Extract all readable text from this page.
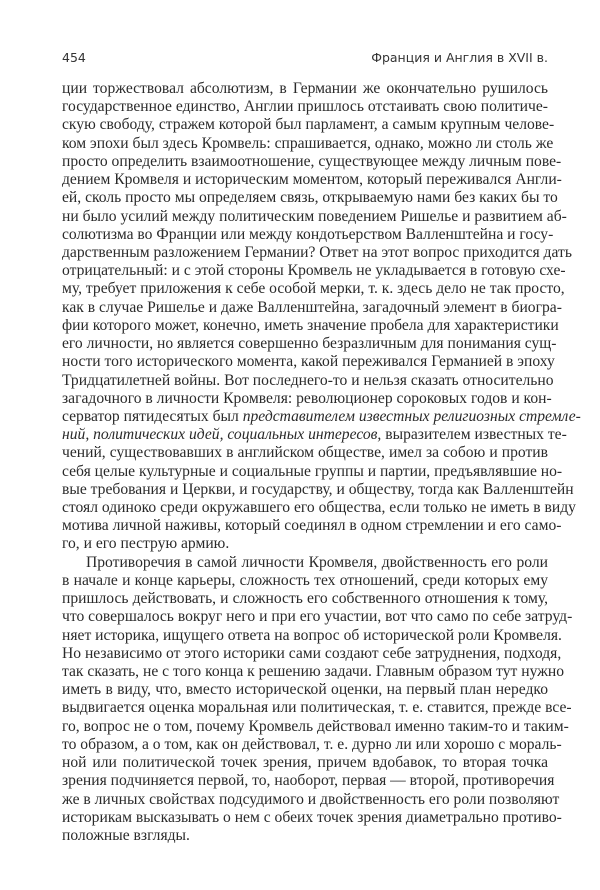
454	Франция и Англия в XVII в.
ции торжествовал абсолютизм, в Германии же окончательно рушилось
государственное единство, Англии пришлось отстаивать свою политиче-
скую свободу, стражем которой был парламент, а самым крупным челове-
ком эпохи был здесь Кромвель: спрашивается, однако, можно ли столь же
просто определить взаимоотношение, существующее между личным пове-
дением Кромвеля и историческим моментом, который переживался Англи-
ей, сколь просто мы определяем связь, открываемую нами без каких бы то
ни было усилий между политическим поведением Ришелье и развитием аб-
солютизма во Франции или между кондотьерством Валленштейна и госу-
дарственным разложением Германии? Ответ на этот вопрос приходится дать
отрицательный: и с этой стороны Кромвель не укладывается в готовую схе-
му, требует приложения к себе особой мерки, т. к. здесь дело не так просто,
как в случае Ришелье и даже Валленштейна, загадочный элемент в биогра-
фии которого может, конечно, иметь значение пробела для характеристики
его личности, но является совершенно безразличным для понимания сущ-
ности того исторического момента, какой переживался Германией в эпоху
Тридцатилетней войны. Вот последнего-то и нельзя сказать относительно
загадочного в личности Кромвеля: революционер сороковых годов и кон-
серватор пятидесятых был представителем известных религиозных стремле-
ний, политических идей, социальных интересов, выразителем известных те-
чений, существовавших в английском обществе, имел за собою и против
себя целые культурные и социальные группы и партии, предъявлявшие но-
вые требования и Церкви, и государству, и обществу, тогда как Валленштейн
стоял одиноко среди окружавшего его общества, если только не иметь в виду
мотива личной наживы, который соединял в одном стремлении и его само-
го, и его пеструю армию.
Противоречия в самой личности Кромвеля, двойственность его роли
в начале и конце карьеры, сложность тех отношений, среди которых ему
пришлось действовать, и сложность его собственного отношения к тому,
что совершалось вокруг него и при его участии, вот что само по себе затруд-
няет историка, ищущего ответа на вопрос об исторической роли Кромвеля.
Но независимо от этого историки сами создают себе затруднения, подходя,
так сказать, не с того конца к решению задачи. Главным образом тут нужно
иметь в виду, что, вместо исторической оценки, на первый план нередко
выдвигается оценка моральная или политическая, т. е. ставится, прежде все-
го, вопрос не о том, почему Кромвель действовал именно таким-то и таким-
то образом, а о том, как он действовал, т. е. дурно ли или хорошо с мораль-
ной или политической точек зрения, причем вдобавок, то вторая точка
зрения подчиняется первой, то, наоборот, первая — второй, противоречия
же в личных свойствах подсудимого и двойственность его роли позволяют
историкам высказывать о нем с обеих точек зрения диаметрально противо-
положные взгляды.
